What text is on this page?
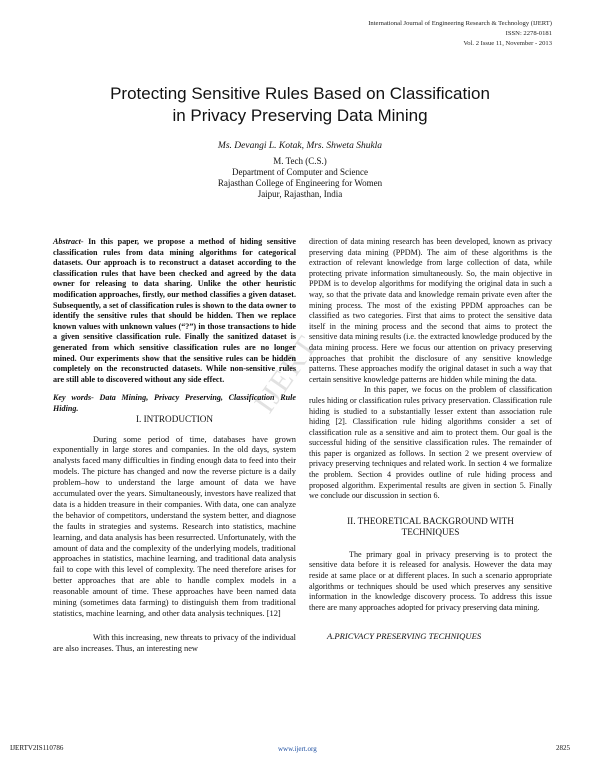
International Journal of Engineering Research & Technology (IJERT)
ISSN: 2278-0181
Vol. 2 Issue 11, November - 2013
Protecting Sensitive Rules Based on Classification
in Privacy Preserving Data Mining
Ms. Devangi L. Kotak, Mrs. Shweta Shukla
M. Tech (C.S.)
Department of Computer and Science
Rajasthan College of Engineering for Women
Jaipur, Rajasthan, India
IJERT

Abstract- In this paper, we propose a method of hiding sensitive classification rules from data mining algorithms for categorical datasets. Our approach is to reconstruct a dataset according to the classification rules that have been checked and agreed by the data owner for releasing to data sharing. Unlike the other heuristic modification approaches, firstly, our method classifies a given dataset. Subsequently, a set of classification rules is shown to the data owner to identify the sensitive rules that should be hidden. Then we replace known values with unknown values (“?”) in those transactions to hide a given sensitive classification rule. Finally the sanitized dataset is generated from which sensitive classification rules are no longer mined. Our experiments show that the sensitive rules can be hidden completely on the reconstructed datasets. While non-sensitive rules are still able to discovered without any side effect.

Key words- Data Mining, Privacy Preserving, Classification Rule Hiding.

I. INTRODUCTION

During some period of time, databases have grown exponentially in large stores and companies. In the old days, system analysts faced many difficulties in finding enough data to feed into their models. The picture has changed and now the reverse picture is a daily problem–how to understand the large amount of data we have accumulated over the years. Simultaneously, investors have realized that data is a hidden treasure in their companies. With data, one can analyze the behavior of competitors, understand the system better, and diagnose the faults in strategies and systems. Research into statistics, machine learning, and data analysis has been resurrected. Unfortunately, with the amount of data and the complexity of the underlying models, traditional approaches in statistics, machine learning, and traditional data analysis fail to cope with this level of complexity. The need therefore arises for better approaches that are able to handle complex models in a reasonable amount of time. These approaches have been named data mining (sometimes data farming) to distinguish them from traditional statistics, machine learning, and other data analysis techniques. [12]

With this increasing, new threats to privacy of the individual are also increases. Thus, an interesting new

direction of data mining research has been developed, known as privacy preserving data mining (PPDM). The aim of these algorithms is the extraction of relevant knowledge from large collection of data, while protecting private information simultaneously. So, the main objective in PPDM is to develop algorithms for modifying the original data in such a way, so that the private data and knowledge remain private even after the mining process. The most of the existing PPDM approaches can be classified as two categories. First that aims to protect the sensitive data itself in the mining process and the second that aims to protect the sensitive data mining results (i.e. the extracted knowledge produced by the data mining process. Here we focus our attention on privacy preserving approaches that prohibit the disclosure of any sensitive knowledge patterns. These approaches modify the original dataset in such a way that certain sensitive knowledge patterns are hidden while mining the data.

In this paper, we focus on the problem of classification rules hiding or classification rules privacy preservation. Classification rule hiding is studied to a substantially lesser extent than association rule hiding [2]. Classification rule hiding algorithms consider a set of classification rule as a sensitive and aim to protect them. Our goal is the successful hiding of the sensitive classification rules. The remainder of this paper is organized as follows. In section 2 we present overview of privacy preserving techniques and related work. In section 4 we formalize the problem. Section 4 provides outline of rule hiding process and proposed algorithm. Experimental results are given in section 5. Finally we conclude our discussion in section 6.

II. THEORETICAL BACKGROUND WITH
TECHNIQUES

The primary goal in privacy preserving is to protect the sensitive data before it is released for analysis. However the data may reside at same place or at different places. In such a scenario appropriate algorithms or techniques should be used which preserves any sensitive information in the knowledge discovery process. To address this issue there are many approaches adopted for privacy preserving data mining.

A.PRICVACY PRESERVING TECHNIQUES

IJERTV2IS110786	www.ijert.org	2825
